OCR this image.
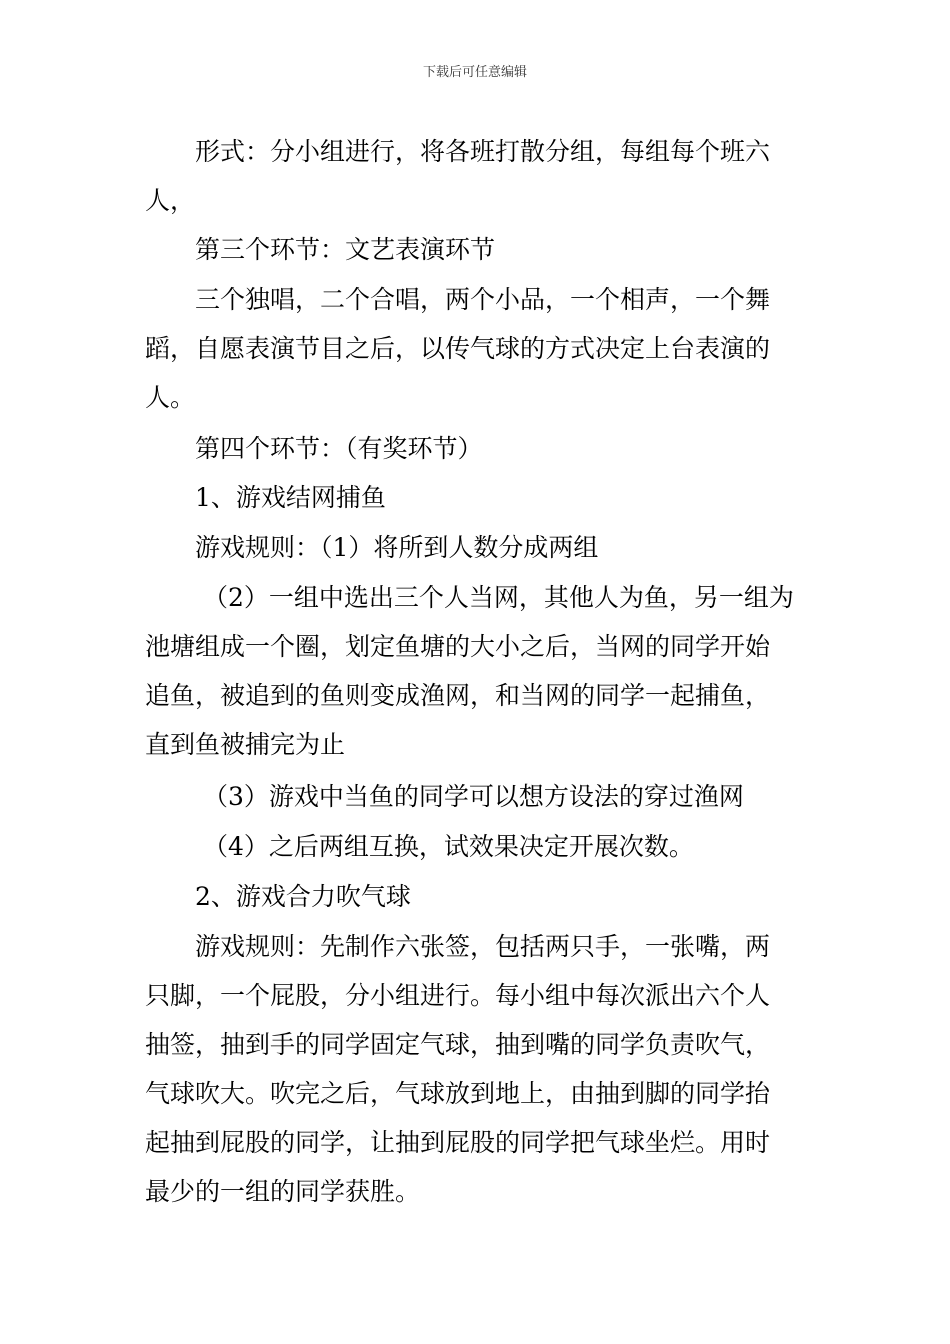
下载后可任意编辑
形式：分小组进行，将各班打散分组，每组每个班六
人，
第三个环节：文艺表演环节
三个独唱，二个合唱，两个小品，一个相声，一个舞
蹈，自愿表演节目之后，以传气球的方式决定上台表演的
人。
第四个环节：（有奖环节）
1、游戏结网捕鱼
游戏规则：（1）将所到人数分成两组
（2）一组中选出三个人当网，其他人为鱼，另一组为
池塘组成一个圈，划定鱼塘的大小之后，当网的同学开始
追鱼，被追到的鱼则变成渔网，和当网的同学一起捕鱼，
直到鱼被捕完为止
（3）游戏中当鱼的同学可以想方设法的穿过渔网
（4）之后两组互换，试效果决定开展次数。
2、游戏合力吹气球
游戏规则：先制作六张签，包括两只手，一张嘴，两
只脚，一个屁股，分小组进行。每小组中每次派出六个人
抽签，抽到手的同学固定气球，抽到嘴的同学负责吹气，
气球吹大。吹完之后，气球放到地上，由抽到脚的同学抬
起抽到屁股的同学，让抽到屁股的同学把气球坐烂。用时
最少的一组的同学获胜。
